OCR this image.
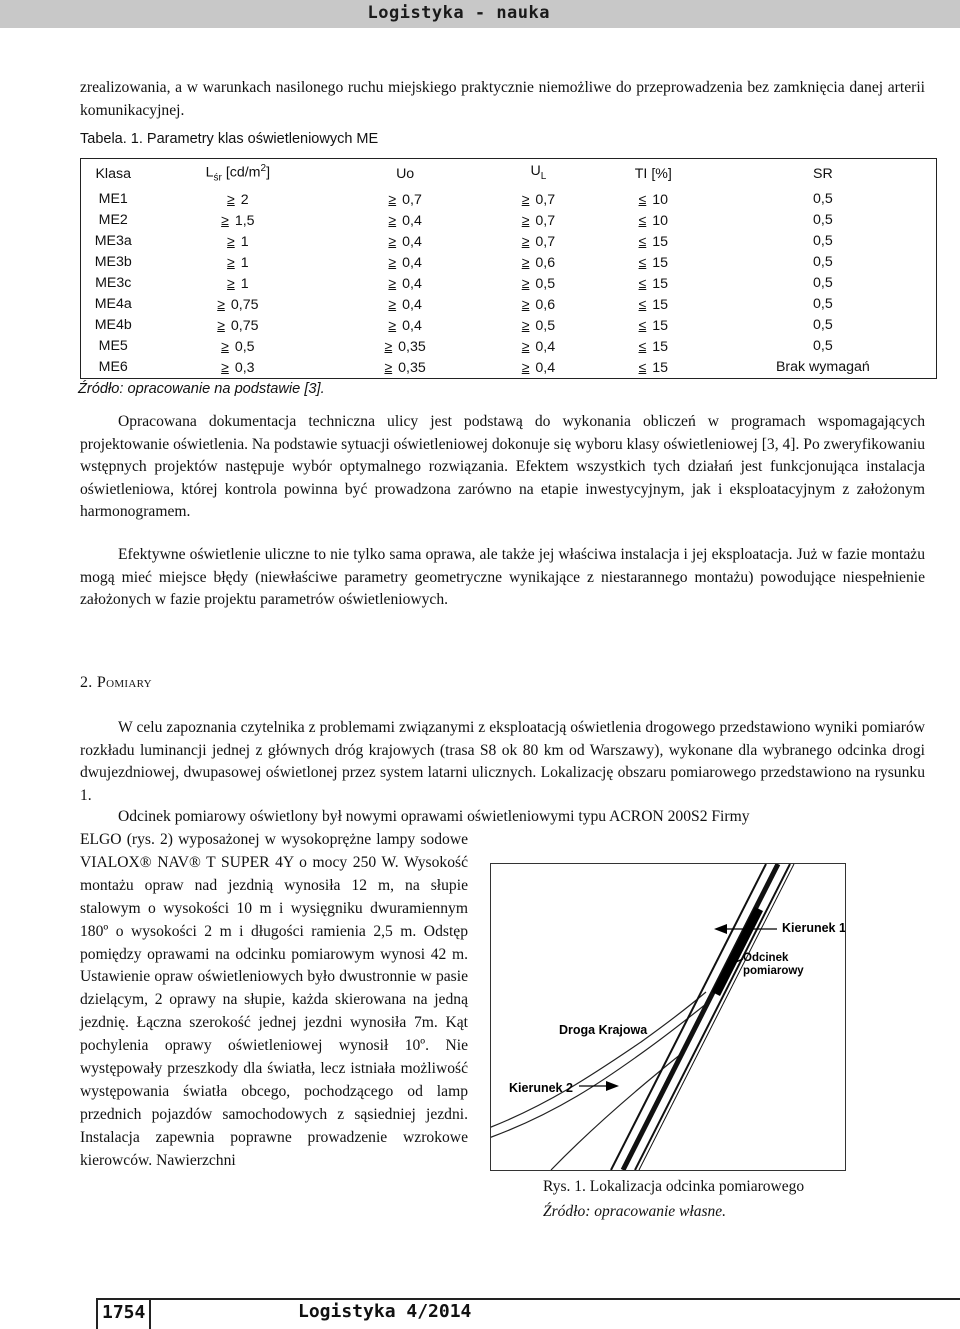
Logistyka - nauka

zrealizowania, a w warunkach nasilonego ruchu miejskiego praktycznie niemożliwe do przeprowadzenia bez zamknięcia danej arterii komunikacyjnej.

Tabela. 1. Parametry klas oświetleniowych ME
Klasa	$L_{śr}$ $[cd/m^2]$	Uo	$U_L$	TI [%]	SR
ME1	≥ 2	≥ 0,7	≥ 0,7	≤ 10	0,5
ME2	≥ 1,5	≥ 0,4	≥ 0,7	≤ 10	0,5
ME3a	≥ 1	≥ 0,4	≥ 0,7	≤ 15	0,5
ME3b	≥ 1	≥ 0,4	≥ 0,6	≤ 15	0,5
ME3c	≥ 1	≥ 0,4	≥ 0,5	≤ 15	0,5
ME4a	≥ 0,75	≥ 0,4	≥ 0,6	≤ 15	0,5
ME4b	≥ 0,75	≥ 0,4	≥ 0,5	≤ 15	0,5
ME5	≥ 0,5	≥ 0,35	≥ 0,4	≤ 15	0,5
ME6	≥ 0,3	≥ 0,35	≥ 0,4	≤ 15	Brak wymagań
Źródło: opracowanie na podstawie [3].

Opracowana dokumentacja techniczna ulicy jest podstawą do wykonania obliczeń w programach wspomagających projektowanie oświetlenia. Na podstawie sytuacji oświetleniowej dokonuje się wyboru klasy oświetleniowej [3, 4]. Po zweryfikowaniu wstępnych projektów następuje wybór optymalnego rozwiązania. Efektem wszystkich tych działań jest funkcjonująca instalacja oświetleniowa, której kontrola powinna być prowadzona zarówno na etapie inwestycyjnym, jak i eksploatacyjnym z założonym harmonogramem.

Efektywne oświetlenie uliczne to nie tylko sama oprawa, ale także jej właściwa instalacja i jej eksploatacja. Już w fazie montażu mogą mieć miejsce błędy (niewłaściwe parametry geometryczne wynikające z niestarannego montażu) powodujące niespełnienie założonych w fazie projektu parametrów oświetleniowych.

2. Pomiary

W celu zapoznania czytelnika z problemami związanymi z eksploatacją oświetlenia drogowego przedstawiono wyniki pomiarów rozkładu luminancji jednej z głównych dróg krajowych (trasa S8 ok 80 km od Warszawy), wykonane dla wybranego odcinka drogi dwujezdniowej, dwupasowej oświetlonej przez system latarni ulicznych. Lokalizację obszaru pomiarowego przedstawiono na rysunku 1.

Odcinek pomiarowy oświetlony był nowymi oprawami oświetleniowymi typu ACRON 200S2 Firmy

ELGO (rys. 2) wyposażonej w wysokoprężne lampy sodowe VIALOX® NAV® T SUPER 4Y o mocy 250 W. Wysokość montażu opraw nad jezdnią wynosiła 12 m, na słupie stalowym o wysokości 10 m i wysięgniku dwuramiennym 180º o wysokości 2 m i długości ramienia 2,5 m. Odstęp pomiędzy oprawami na odcinku pomiarowym wynosi 42 m. Ustawienie opraw oświetleniowych było dwustronnie w pasie dzielącym, 2 oprawy na słupie, każda skierowana na jedną jezdnię. Łączna szerokość jednej jezdni wynosiła 7m. Kąt pochylenia oprawy oświetleniowej wynosił 10º. Nie występowały przeszkody dla światła, lecz istniała możliwość występowania światła obcego, pochodzącego od lamp przednich pojazdów samochodowych z sąsiedniej jezdni. Instalacja zapewnia poprawne prowadzenie wzrokowe kierowców. Nawierzchni

Kierunek 1
Odcinek
pomiarowy
Droga Krajowa
Kierunek 2
Rys. 1. Lokalizacja odcinka pomiarowego
Źródło: opracowanie własne.
1754	Logistyka 4/2014
